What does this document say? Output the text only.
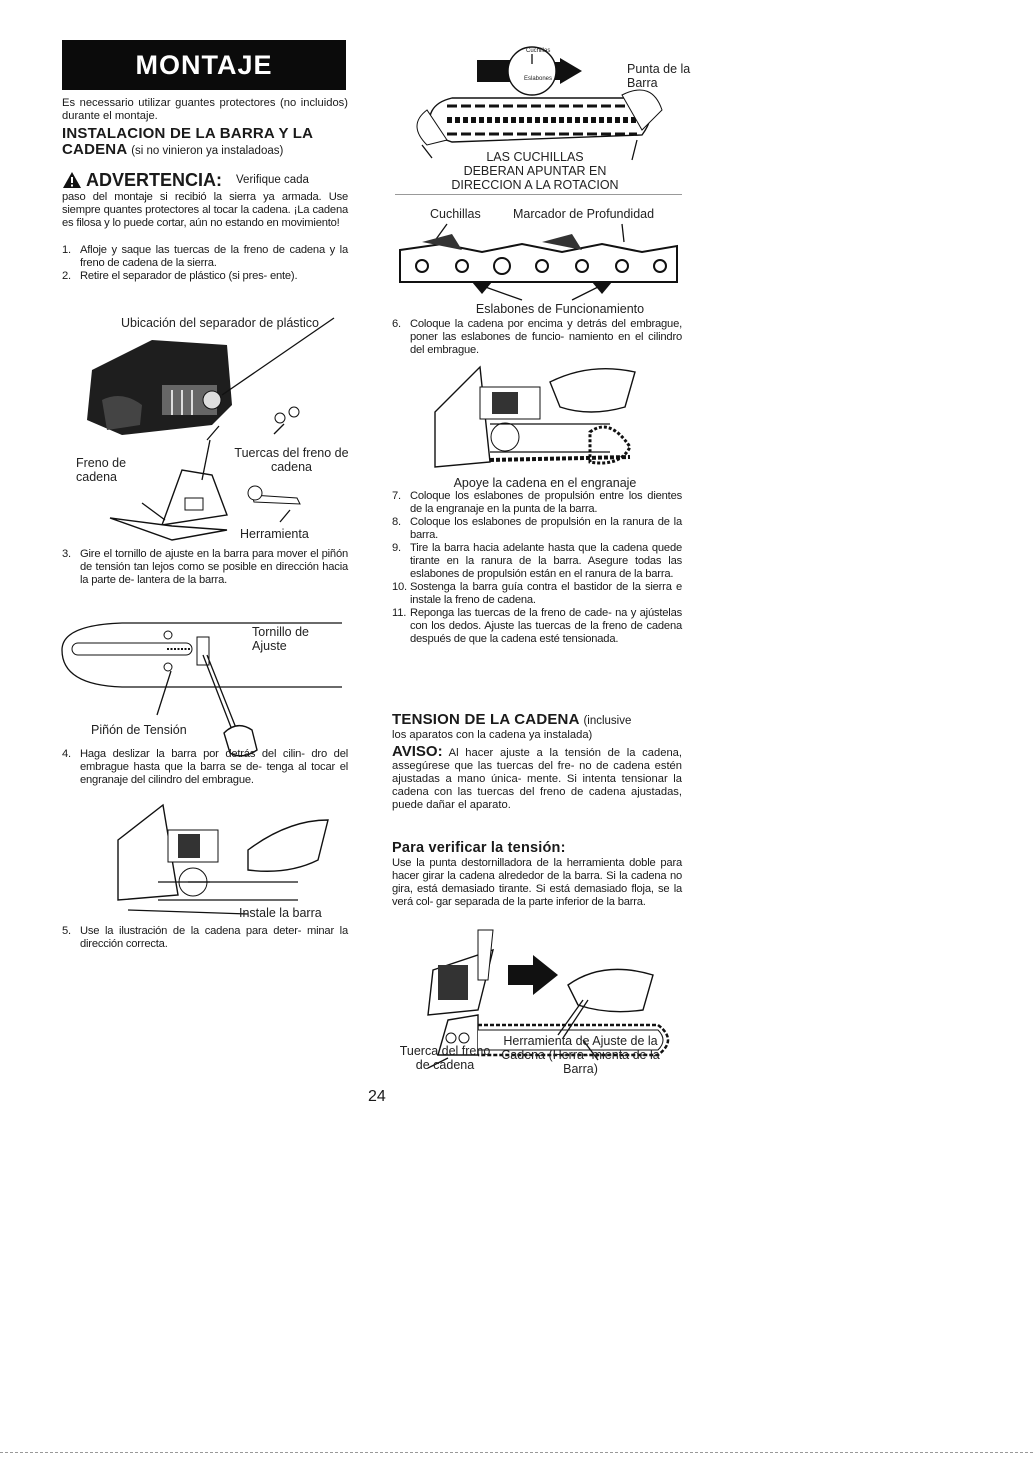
MONTAJE
Es necessario utilizar guantes protectores (no incluidos) durante el montaje.
INSTALACION DE LA BARRA Y LA CADENA (si no vinieron ya instaladoas)
ADVERTENCIA: Verifique cada
paso del montaje si recibió la sierra ya armada. Use siempre quantes protectores al tocar la cadena. ¡La cadena es filosa y lo puede cortar, aún no estando en movimiento!
1. Afloje y saque las tuercas de la freno de cadena y la freno de cadena de la sierra.
2. Retire el separador de plástico (si pres- ente).
Ubicación del separador de plástico
Freno de cadena
Tuercas del freno de cadena
Herramienta
3. Gire el tornillo de ajuste en la barra para mover el piñón de tensión tan lejos como se posible en dirección hacia la parte de- lantera de la barra.
Tornillo de Ajuste
Piñón de Tensión
4. Haga deslizar la barra por detrás del cilin- dro del embrague hasta que la barra se de- tenga al tocar el engranaje del cilindro del embrague.
Instale la barra
5. Use la ilustración de la cadena para deter- minar la dirección correcta.
Punta de la Barra
LAS CUCHILLAS
DEBERAN APUNTAR EN
DIRECCION A LA ROTACION
Cuchillas
Eslabones
Cuchillas	Marcador de Profundidad
Eslabones de Funcionamiento
6. Coloque la cadena por encima y detrás del embrague, poner las eslabones de funcio- namiento en el cilindro del embrague.
Apoye la cadena en el engranaje
7. Coloque los eslabones de propulsión entre los dientes de la engranaje en la punta de la barra.
8. Coloque los eslabones de propulsión en la ranura de la barra.
9. Tire la barra hacia adelante hasta que la cadena quede tirante en la ranura de la barra. Asegure todas las eslabones de propulsión están en el ranura de la barra.
10. Sostenga la barra guía contra el bastidor de la sierra e instale la freno de cadena.
11. Reponga las tuercas de la freno de cade- na y ajústelas con los dedos. Ajuste las tuercas de la freno de cadena después de que la cadena esté tensionada.
TENSION DE LA CADENA (inclusive
los aparatos con la cadena ya instalada)
AVISO: Al hacer ajuste a la tensión de la cadena, assegúrese que las tuercas del fre- no de cadena estén ajustadas a mano única- mente. Si intenta tensionar la cadena con las tuercas del freno de cadena ajustadas, puede dañar el aparato.
Para verificar la tensión:
Use la punta destornilladora de la herramienta doble para hacer girar la cadena alrededor de la barra. Si la cadena no gira, está demasiado tirante. Si está demasiado floja, se la verá col- gar separada de la parte inferior de la barra.
Herramienta de Ajuste de la Cadena (Herra- mienta de la Barra)
Tuerca del freno de cadena
24
